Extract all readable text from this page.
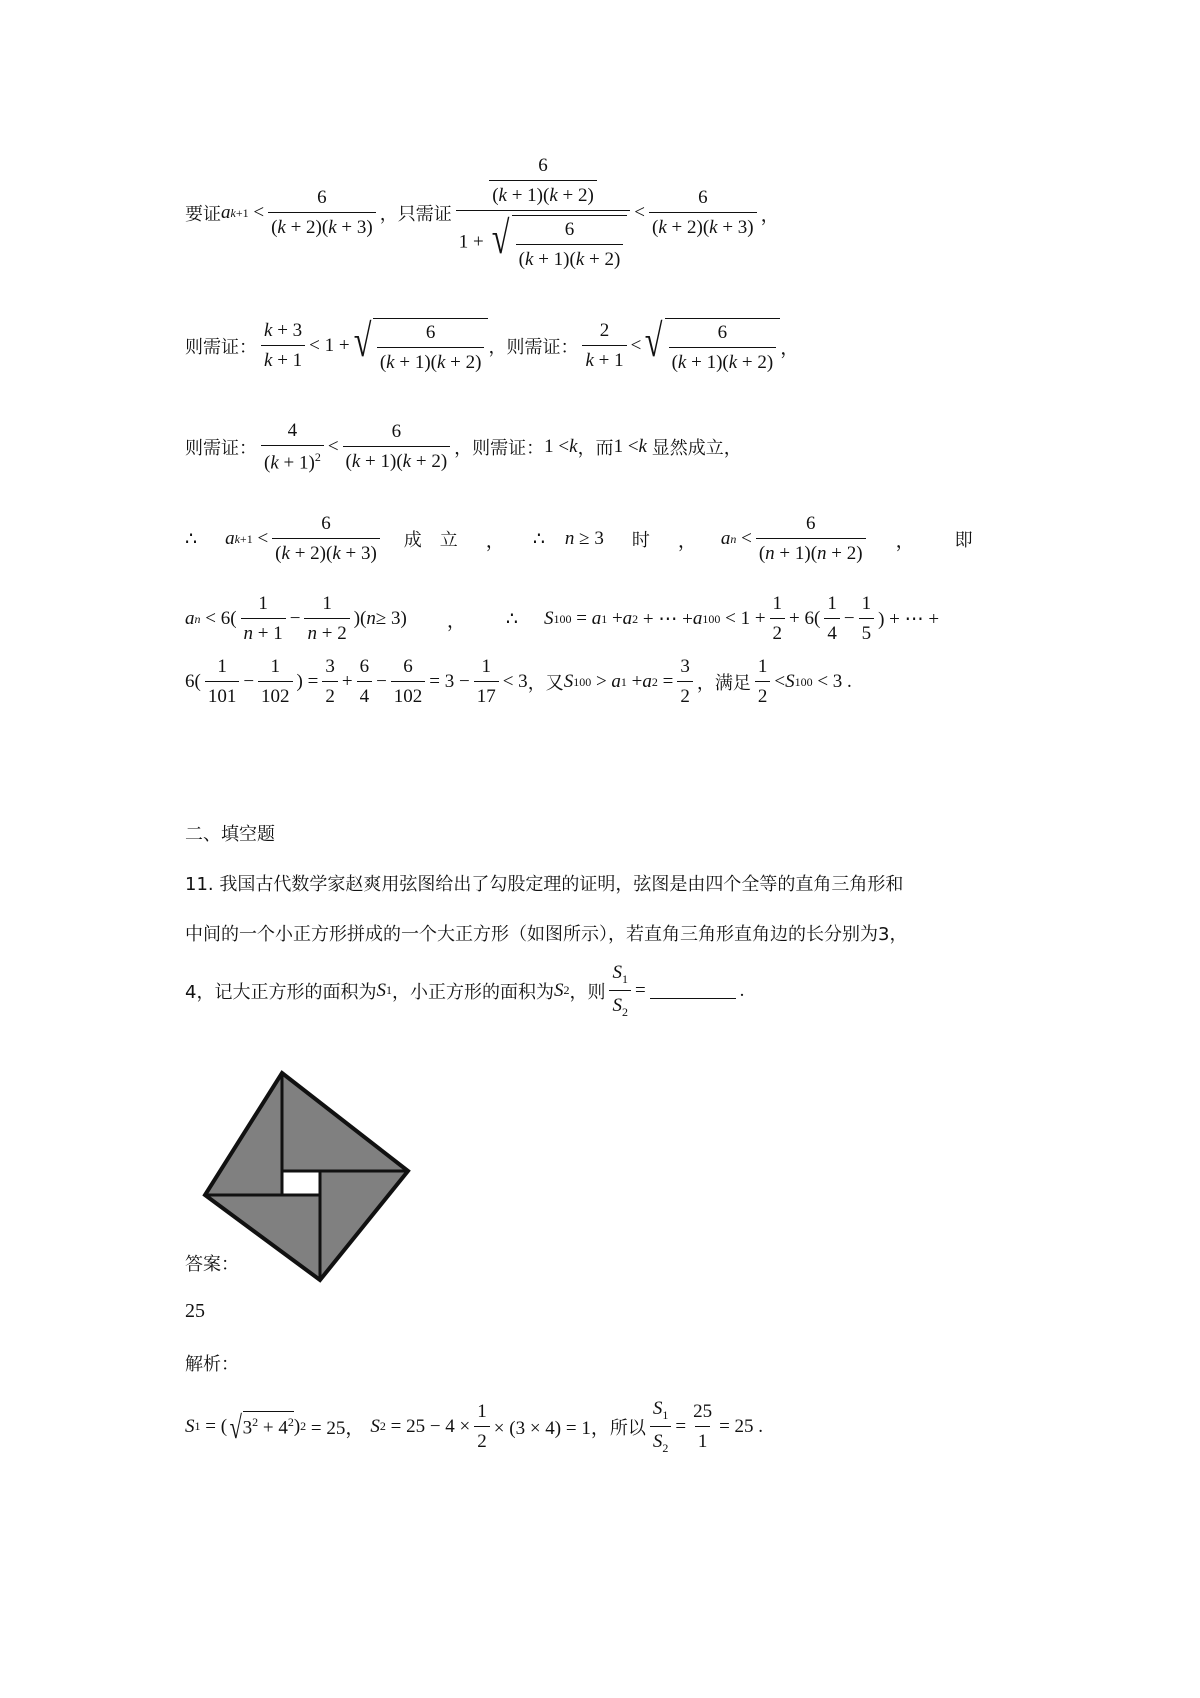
要证 a $k +1 < \frac{6}{(k + 2)(k + 3)}$ ，只需证 $\frac{\frac{6}{(k + 1)(k + 2)}}{1 + √ \frac{6}{(k + 1)(k + 2)}} < \frac{6}{(k + 2)(k + 3)}$ ，
则需证： $\frac{k + 3}{k + 1} < 1$ + √ $\frac{6}{(k + 1)(k + 2)}$ ，则需证： $\frac{2}{k + 1}$ < √ $\frac{6}{(k + 1)(k + 2)}$ ，
则需证： $\frac{4}{(k + 1)^2} < \frac{6}{(k + 1)(k + 2)}$ ，则需证： 1 < k ，而 1 < k
显然成立，
∴ a $k +1 < \frac{6}{(k + 2)(k + 3)}$ 成　立 ，
∴ n ≥ 3 时 ， a $n < \frac{6}{(n + 1)(n + 2)}$ ， 即
a $n < 6( \frac{1}{n + 1} - \frac{1}{n + 2}$ )( n ≥ 3)
，
∴ S 100 = a 1 + a 2 + ⋯ + a $100 < 1 + \frac{1}{2} + 6( \frac{1}{4} - \frac{1}{5}$ ) + ⋯ +
$6( \frac{1}{101} - \frac{1}{102}$ ) = $\frac{3}{2} + \frac{6}{4} - \frac{6}{102} = 3 - \frac{1}{17} < 3$ ，又 S 100 > a 1 + a $2 = \frac{3}{2}$ ，满足 $\frac{1}{2} < S$ 100 < 3 .
二、填空题
11. 我国古代数学家赵爽用弦图给出了勾股定理的证明，弦图是由四个全等的直角三角形和
中间的一个小正方形拼成的一个大正方形（如图所示），若直角三角形直角边的长分别为3，
4，记大正方形的面积为 S 1 ，小正方形的面积为 S 2 ，则 $\frac{S_1}{S_2}$ =	.
答案：
25
解析：
S 1 = ( √ $3^2 + 4^2$ ) 2 = 25， S $2 = 25 - 4 \times \frac{1}{2} \times (3 \times 4) = 1$， 所以 $\frac{S_1}{S_2} = \frac{25}{1} = 25$ .
